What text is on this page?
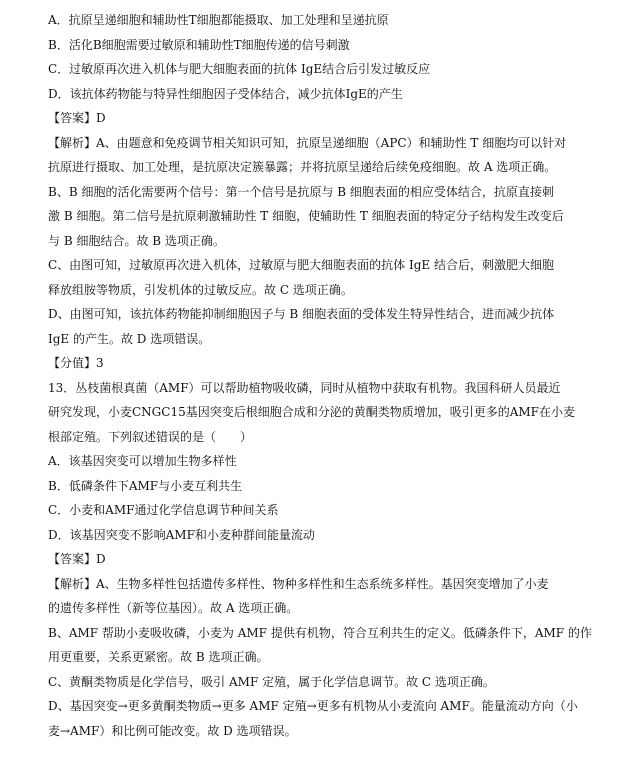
A．抗原呈递细胞和辅助性T细胞都能摄取、加工处理和呈递抗原
B．活化B细胞需要过敏原和辅助性T细胞传递的信号刺激
C．过敏原再次进入机体与肥大细胞表面的抗体 IgE结合后引发过敏反应
D．该抗体药物能与特异性细胞因子受体结合，减少抗体IgE的产生
【答案】D
【解析】A、由题意和免疫调节相关知识可知，抗原呈递细胞（APC）和辅助性 T 细胞均可以针对
抗原进行摄取、加工处理，是抗原决定簇暴露；并将抗原呈递给后续免疫细胞。故 A 选项正确。
B、B 细胞的活化需要两个信号：第一个信号是抗原与 B 细胞表面的相应受体结合，抗原直接刺
激 B 细胞。第二信号是抗原刺激辅助性 T 细胞，使辅助性 T 细胞表面的特定分子结构发生改变后
与 B 细胞结合。故 B 选项正确。
C、由图可知，过敏原再次进入机体，过敏原与肥大细胞表面的抗体 IgE 结合后，刺激肥大细胞
释放组胺等物质，引发机体的过敏反应。故 C 选项正确。
D、由图可知，该抗体药物能抑制细胞因子与 B 细胞表面的受体发生特异性结合，进而减少抗体
IgE 的产生。故 D 选项错误。
【分值】3
13．丛枝菌根真菌（AMF）可以帮助植物吸收磷，同时从植物中获取有机物。我国科研人员最近
研究发现，小麦CNGC15基因突变后根细胞合成和分泌的黄酮类物质增加，吸引更多的AMF在小麦
根部定殖。下列叙述错误的是（　　）
A．该基因突变可以增加生物多样性
B．低磷条件下AMF与小麦互利共生
C．小麦和AMF通过化学信息调节种间关系
D．该基因突变不影响AMF和小麦种群间能量流动
【答案】D
【解析】A、生物多样性包括遗传多样性、物种多样性和生态系统多样性。基因突变增加了小麦
的遗传多样性（新等位基因）。故 A 选项正确。
B、AMF 帮助小麦吸收磷，小麦为 AMF 提供有机物，符合互利共生的定义。低磷条件下，AMF 的作
用更重要，关系更紧密。故 B 选项正确。
C、黄酮类物质是化学信号，吸引 AMF 定殖，属于化学信息调节。故 C 选项正确。
D、基因突变→更多黄酮类物质→更多 AMF 定殖→更多有机物从小麦流向 AMF。能量流动方向（小
麦→AMF）和比例可能改变。故 D 选项错误。
